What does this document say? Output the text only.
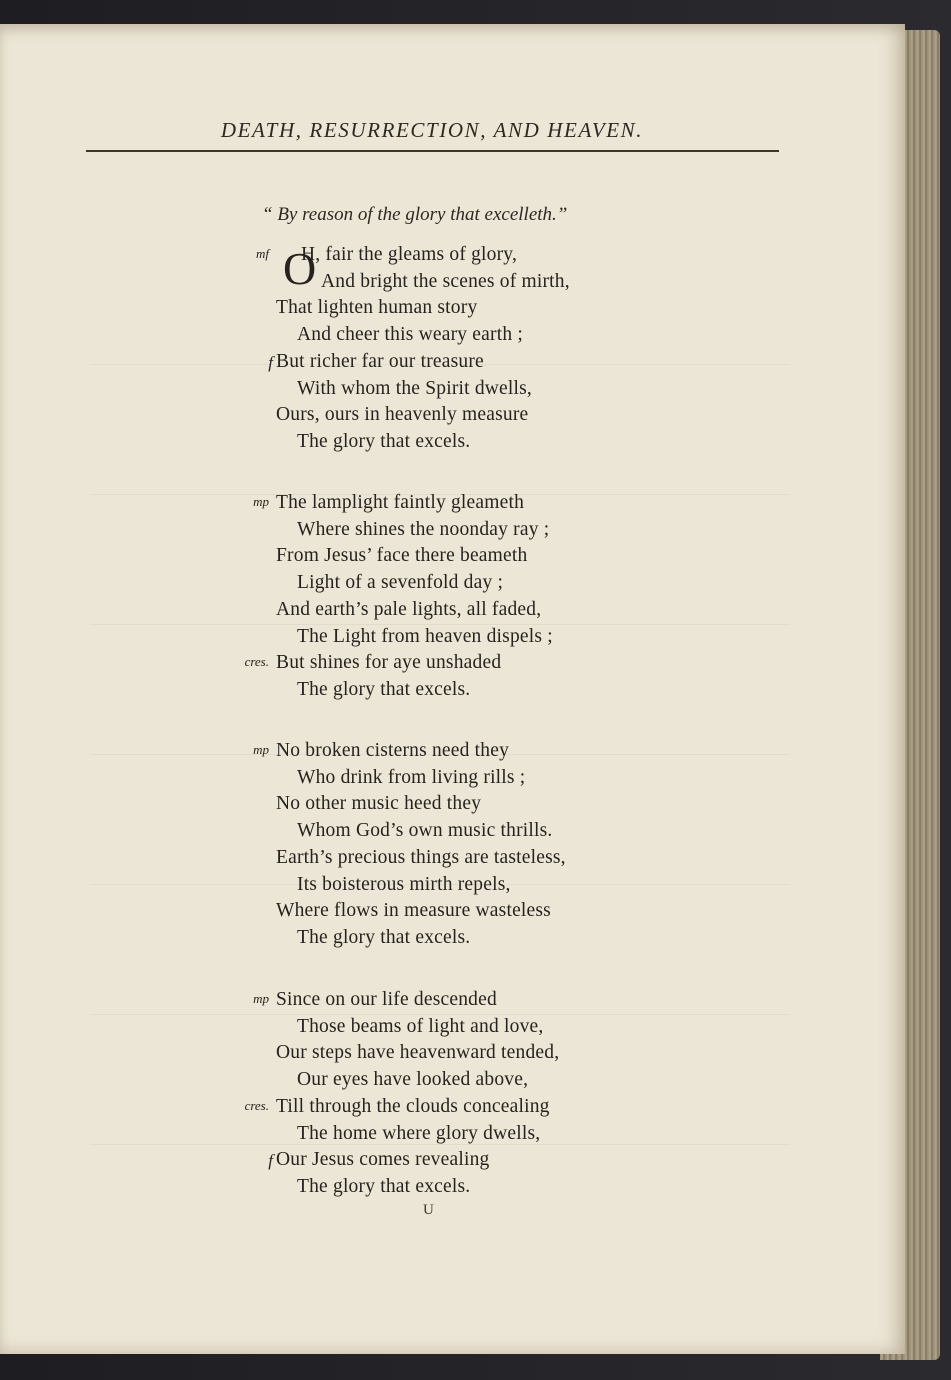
DEATH, RESURRECTION, AND HEAVEN.
“ By reason of the glory that excelleth.”
O
H, fair the gleams of glory,
mf
And bright the scenes of mirth,
That lighten human story
And cheer this weary earth ;
But richer far our treasure
f
With whom the Spirit dwells,
Ours, ours in heavenly measure
The glory that excels.
The lamplight faintly gleameth
mp
Where shines the noonday ray ;
From Jesus’ face there beameth
Light of a sevenfold day ;
And earth’s pale lights, all faded,
The Light from heaven dispels ;
But shines for aye unshaded
cres.
The glory that excels.
No broken cisterns need they
mp
Who drink from living rills ;
No other music heed they
Whom God’s own music thrills.
Earth’s precious things are tasteless,
Its boisterous mirth repels,
Where flows in measure wasteless
The glory that excels.
Since on our life descended
mp
Those beams of light and love,
Our steps have heavenward tended,
Our eyes have looked above,
Till through the clouds concealing
cres.
The home where glory dwells,
Our Jesus comes revealing
f
The glory that excels.
U
